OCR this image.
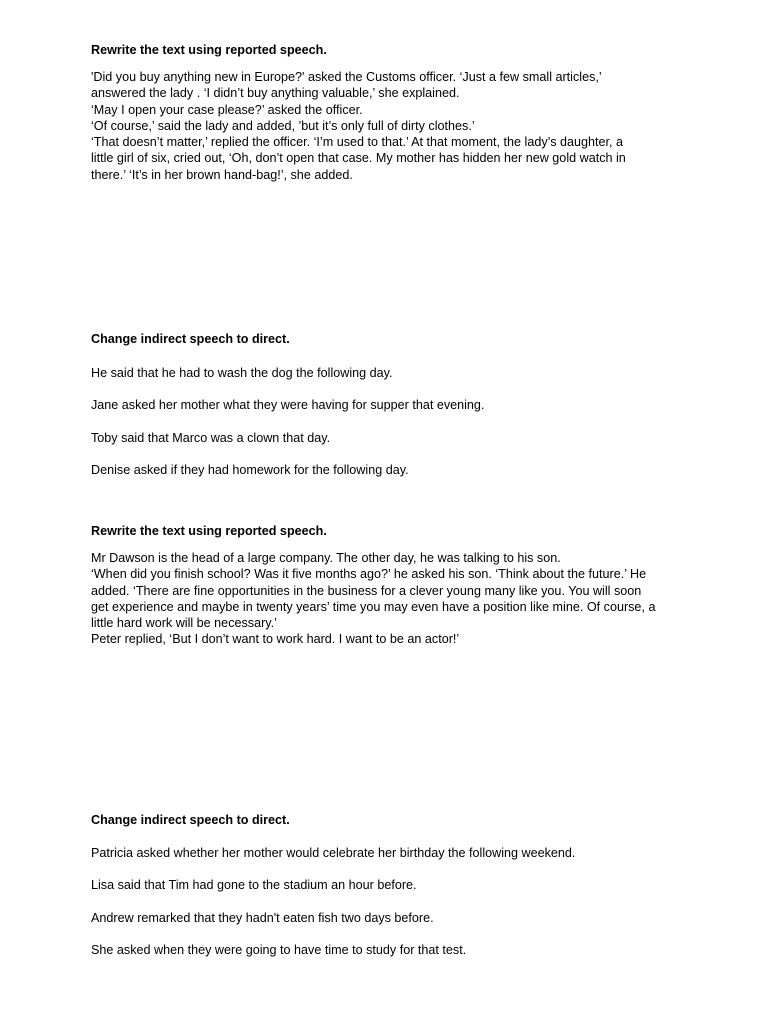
Rewrite the text using reported speech.
'Did you buy anything new in Europe?' asked the Customs officer. ‘Just a few small articles,’
answered the lady . ‘I didn’t buy anything valuable,’ she explained.
‘May I open your case please?’ asked the officer.
‘Of course,’ said the lady and added, ’but it’s only full of dirty clothes.’
‘That doesn’t matter,’ replied the officer. ‘I’m used to that.’ At that moment, the lady’s daughter, a
little girl of six, cried out, ‘Oh, don’t open that case. My mother has hidden her new gold watch in
there.’ ‘It’s in her brown hand-bag!’, she added.
Change indirect speech to direct.
He said that he had to wash the dog the following day.
Jane asked her mother what they were having for supper that evening.
Toby said that Marco was a clown that day.
Denise asked if they had homework for the following day.
Rewrite the text using reported speech.
Mr Dawson is the head of a large company. The other day, he was talking to his son.
‘When did you finish school? Was it five months ago?’ he asked his son. ‘Think about the future.’ He
added. ‘There are fine opportunities in the business for a clever young many like you. You will soon
get experience and maybe in twenty years’ time you may even have a position like mine. Of course, a
little hard work will be necessary.’
Peter replied, ‘But I don’t want to work hard. I want to be an actor!’
Change indirect speech to direct.
Patricia asked whether her mother would celebrate her birthday the following weekend.
Lisa said that Tim had gone to the stadium an hour before.
Andrew remarked that they hadn't eaten fish two days before.
She asked when they were going to have time to study for that test.
